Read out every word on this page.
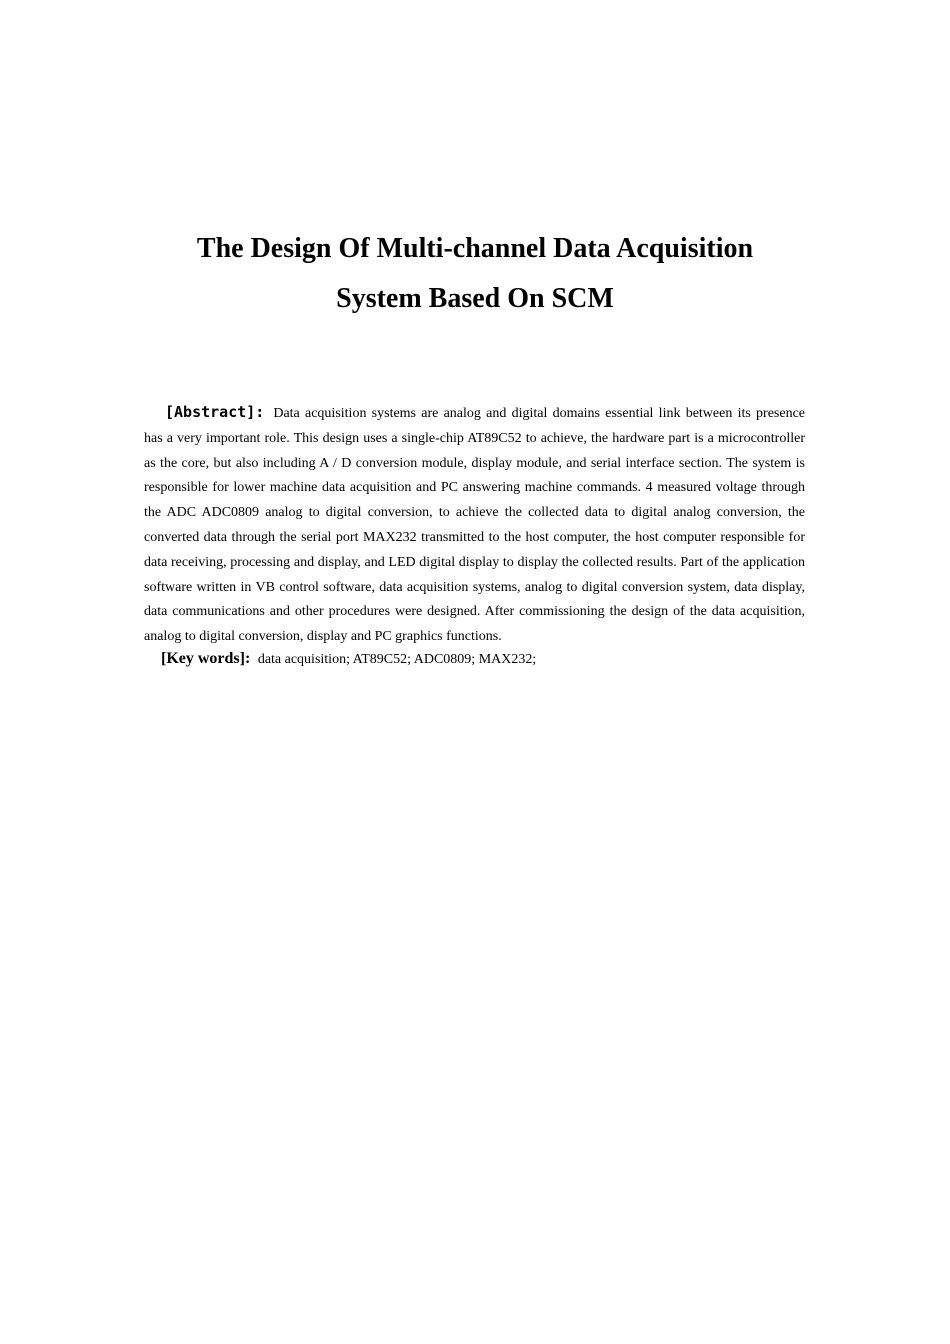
The Design Of Multi-channel Data Acquisition

System Based On SCM

[Abstract]: Data acquisition systems are analog and digital domains essential link between its presence has a very important role. This design uses a single-chip AT89C52 to achieve, the hardware part is a microcontroller as the core, but also including A / D conversion module, display module, and serial interface section. The system is responsible for lower machine data acquisition and PC answering machine commands. 4 measured voltage through the ADC ADC0809 analog to digital conversion, to achieve the collected data to digital analog conversion, the converted data through the serial port MAX232 transmitted to the host computer, the host computer responsible for data receiving, processing and display, and LED digital display to display the collected results. Part of the application software written in VB control software, data acquisition systems, analog to digital conversion system, data display, data communications and other procedures were designed. After commissioning the design of the data acquisition, analog to digital conversion, display and PC graphics functions.

[Key words]: data acquisition; AT89C52; ADC0809; MAX232;
